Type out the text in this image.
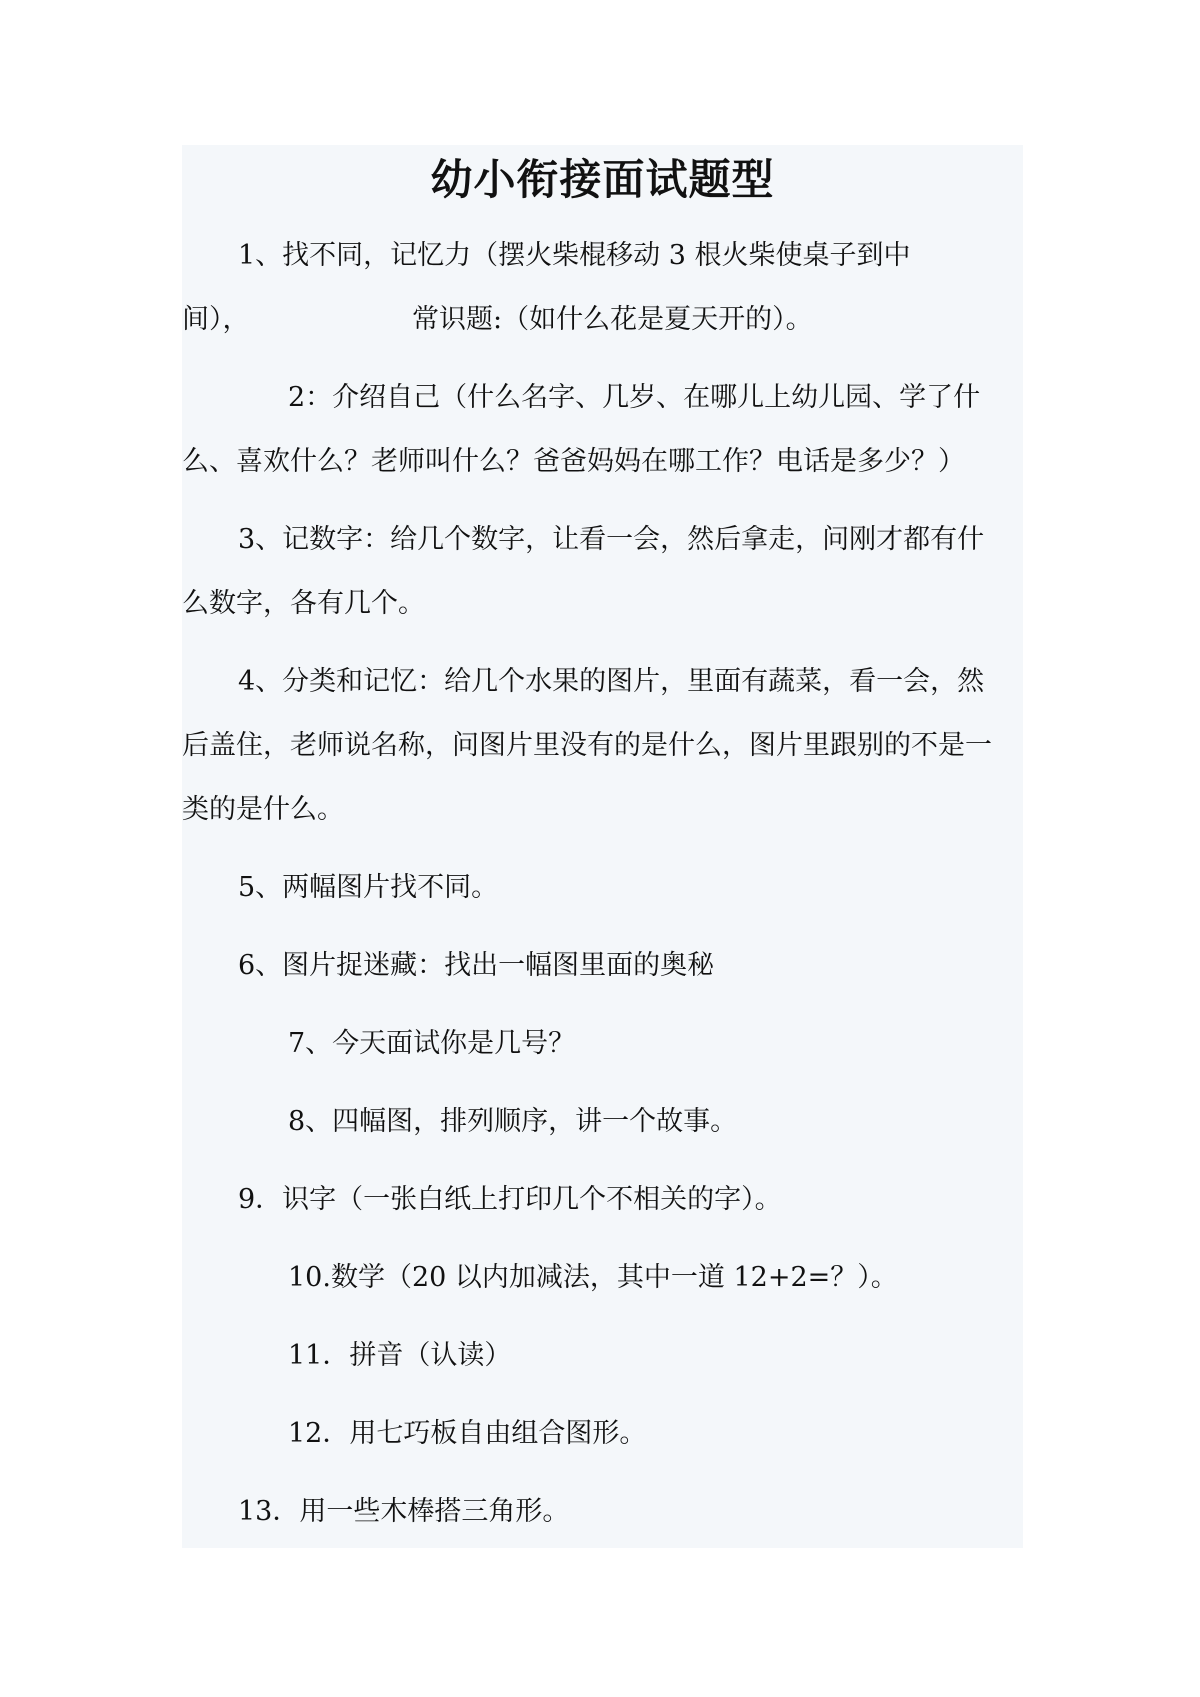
幼小衔接面试题型
1、找不同，记忆力（摆火柴棍移动 3 根火柴使桌子到中
间），	常识题:（如什么花是夏天开的）。
2：介绍自己（什么名字、几岁、在哪儿上幼儿园、学了什
么、喜欢什么？老师叫什么？爸爸妈妈在哪工作？电话是多少？）
3、记数字：给几个数字，让看一会，然后拿走，问刚才都有什
么数字，各有几个。
4、分类和记忆：给几个水果的图片，里面有蔬菜，看一会，然
后盖住，老师说名称，问图片里没有的是什么，图片里跟别的不是一
类的是什么。
5、两幅图片找不同。
6、图片捉迷藏：找出一幅图里面的奥秘
7、今天面试你是几号？
8、四幅图，排列顺序，讲一个故事。
9．识字（一张白纸上打印几个不相关的字）。
10.数学（20 以内加减法，其中一道 12+2=？）。
11．拼音（认读）
12．用七巧板自由组合图形。
13．用一些木棒搭三角形。
